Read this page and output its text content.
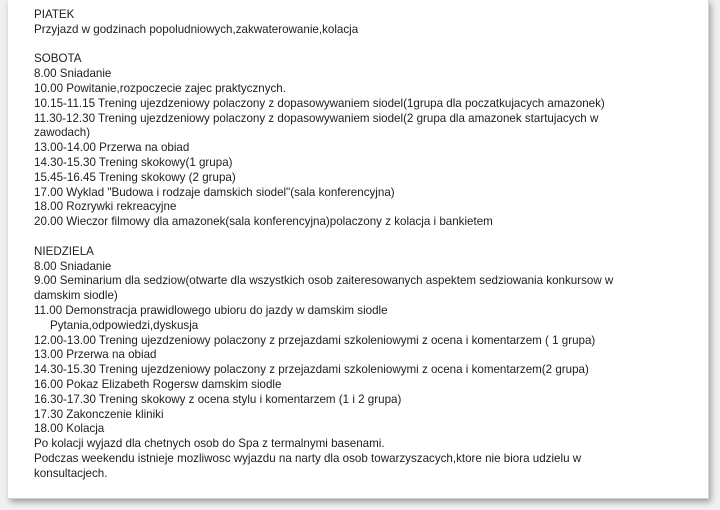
PIATEK
Przyjazd w godzinach popoludniowych,zakwaterowanie,kolacja
SOBOTA
8.00 Sniadanie
10.00 Powitanie,rozpoczecie zajec praktycznych.
10.15-11.15 Trening ujezdzeniowy polaczony z dopasowywaniem siodel(1grupa dla poczatkujacych amazonek)
11.30-12.30 Trening ujezdzeniowy polaczony z dopasowywaniem siodel(2 grupa dla amazonek startujacych w zawodach)
13.00-14.00 Przerwa na obiad
14.30-15.30 Trening skokowy(1 grupa)
15.45-16.45 Trening skokowy (2 grupa)
17.00 Wyklad "Budowa i rodzaje damskich siodel"(sala konferencyjna)
18.00 Rozrywki rekreacyjne
20.00 Wieczor filmowy dla amazonek(sala konferencyjna)polaczony z kolacja i bankietem
NIEDZIELA
8.00 Sniadanie
9.00 Seminarium dla sedziow(otwarte dla wszystkich osob zaiteresowanych aspektem sedziowania konkursow w damskim siodle)
11.00 Demonstracja prawidlowego ubioru do jazdy w damskim siodle
Pytania,odpowiedzi,dyskusja
12.00-13.00 Trening ujezdzeniowy polaczony z przejazdami szkoleniowymi z ocena i komentarzem ( 1 grupa)
13.00 Przerwa na obiad
14.30-15.30 Trening ujezdzeniowy polaczony z przejazdami szkoleniowymi z ocena i komentarzem(2 grupa)
16.00 Pokaz Elizabeth Rogersw damskim siodle
16.30-17.30 Trening skokowy z ocena stylu i komentarzem (1 i 2 grupa)
17.30 Zakonczenie kliniki
18.00 Kolacja
Po kolacji wyjazd dla chetnych osob do Spa z termalnymi basenami.
Podczas weekendu istnieje mozliwosc wyjazdu na narty dla osob towarzyszacych,ktore nie biora udzielu w konsultacjech.
